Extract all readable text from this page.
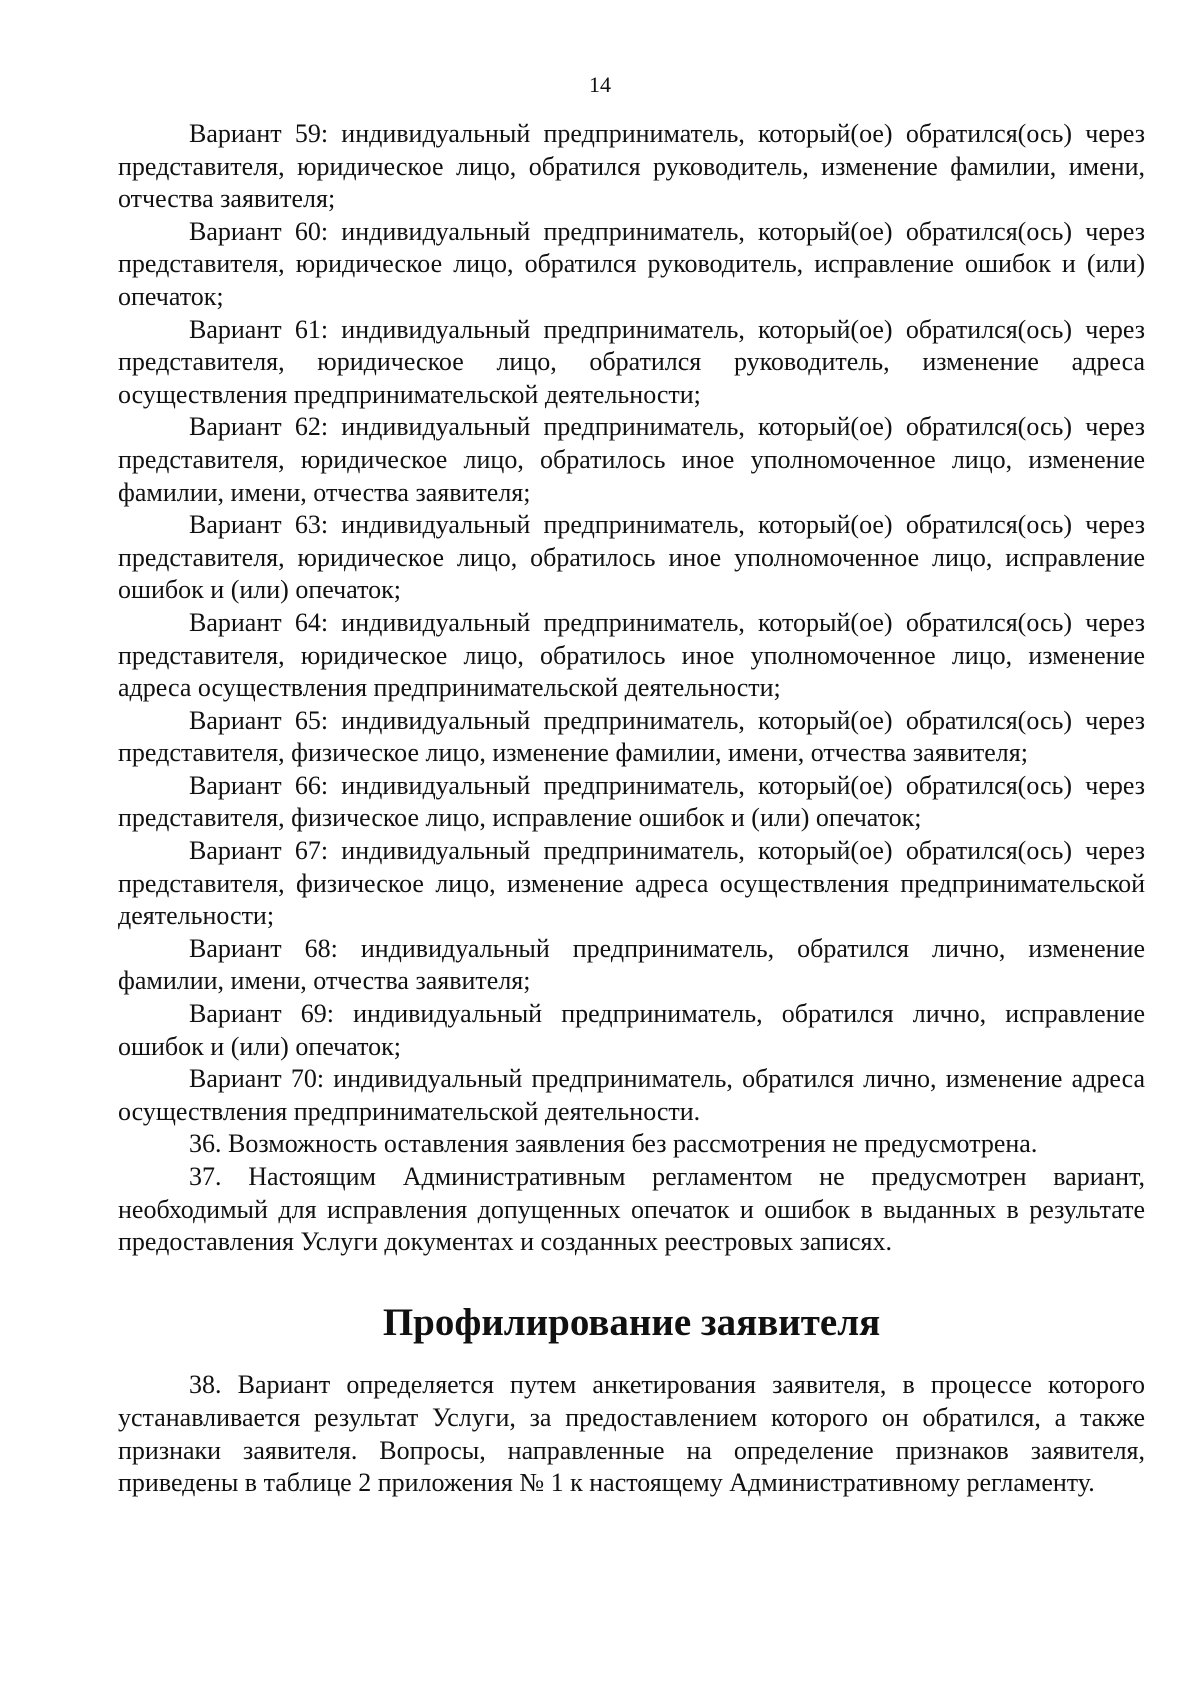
14

Вариант 59: индивидуальный предприниматель, который(ое) обратился(ось) через представителя, юридическое лицо, обратился руководитель, изменение фамилии, имени, отчества заявителя;

Вариант 60: индивидуальный предприниматель, который(ое) обратился(ось) через представителя, юридическое лицо, обратился руководитель, исправление ошибок и (или) опечаток;

Вариант 61: индивидуальный предприниматель, который(ое) обратился(ось) через представителя, юридическое лицо, обратился руководитель, изменение адреса осуществления предпринимательской деятельности;

Вариант 62: индивидуальный предприниматель, который(ое) обратился(ось) через представителя, юридическое лицо, обратилось иное уполномоченное лицо, изменение фамилии, имени, отчества заявителя;

Вариант 63: индивидуальный предприниматель, который(ое) обратился(ось) через представителя, юридическое лицо, обратилось иное уполномоченное лицо, исправление ошибок и (или) опечаток;

Вариант 64: индивидуальный предприниматель, который(ое) обратился(ось) через представителя, юридическое лицо, обратилось иное уполномоченное лицо, изменение адреса осуществления предпринимательской деятельности;

Вариант 65: индивидуальный предприниматель, который(ое) обратился(ось) через представителя, физическое лицо, изменение фамилии, имени, отчества заявителя;

Вариант 66: индивидуальный предприниматель, который(ое) обратился(ось) через представителя, физическое лицо, исправление ошибок и (или) опечаток;

Вариант 67: индивидуальный предприниматель, который(ое) обратился(ось) через представителя, физическое лицо, изменение адреса осуществления предпринимательской деятельности;

Вариант 68: индивидуальный предприниматель, обратился лично, изменение фамилии, имени, отчества заявителя;

Вариант 69: индивидуальный предприниматель, обратился лично, исправление ошибок и (или) опечаток;

Вариант 70: индивидуальный предприниматель, обратился лично, изменение адреса осуществления предпринимательской деятельности.

36. Возможность оставления заявления без рассмотрения не предусмотрена.

37. Настоящим Административным регламентом не предусмотрен вариант, необходимый для исправления допущенных опечаток и ошибок в выданных в результате предоставления Услуги документах и созданных реестровых записях.

Профилирование заявителя

38. Вариант определяется путем анкетирования заявителя, в процессе которого устанавливается результат Услуги, за предоставлением которого он обратился, а также признаки заявителя. Вопросы, направленные на определение признаков заявителя, приведены в таблице 2 приложения № 1 к настоящему Административному регламенту.
